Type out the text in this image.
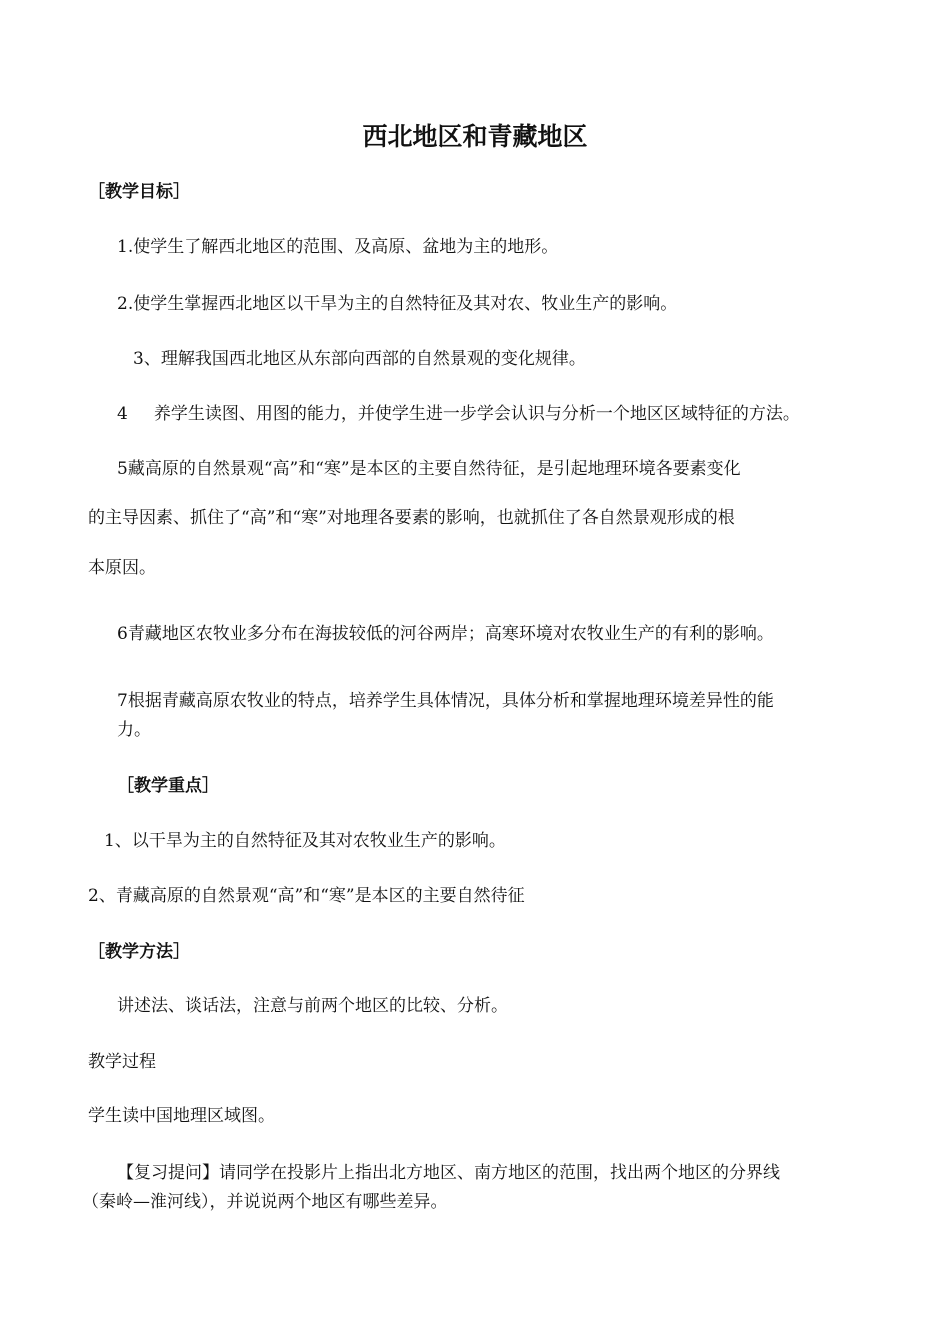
西北地区和青藏地区

［教学目标］

1.使学生了解西北地区的范围、及高原、盆地为主的地形。

2.使学生掌握西北地区以干旱为主的自然特征及其对农、牧业生产的影响。

3、理解我国西北地区从东部向西部的自然景观的变化规律。

4 养学生读图、用图的能力，并使学生进一步学会认识与分析一个地区区域特征的方法。

5藏高原的自然景观“高”和“寒”是本区的主要自然待征，是引起地理环境各要素变化

的主导因素、抓住了“高”和“寒”对地理各要素的影响，也就抓住了各自然景观形成的根

本原因。

6青藏地区农牧业多分布在海拔较低的河谷两岸；高寒环境对农牧业生产的有利的影响。

7根据青藏高原农牧业的特点，培养学生具体情况，具体分析和掌握地理环境差异性的能

力。

［教学重点］

1、以干旱为主的自然特征及其对农牧业生产的影响。

2、青藏高原的自然景观“高”和“寒”是本区的主要自然待征

［教学方法］

讲述法、谈话法，注意与前两个地区的比较、分析。

教学过程

学生读中国地理区域图。

【复习提问】请同学在投影片上指出北方地区、南方地区的范围，找出两个地区的分界线

（秦岭—淮河线），并说说两个地区有哪些差异。
